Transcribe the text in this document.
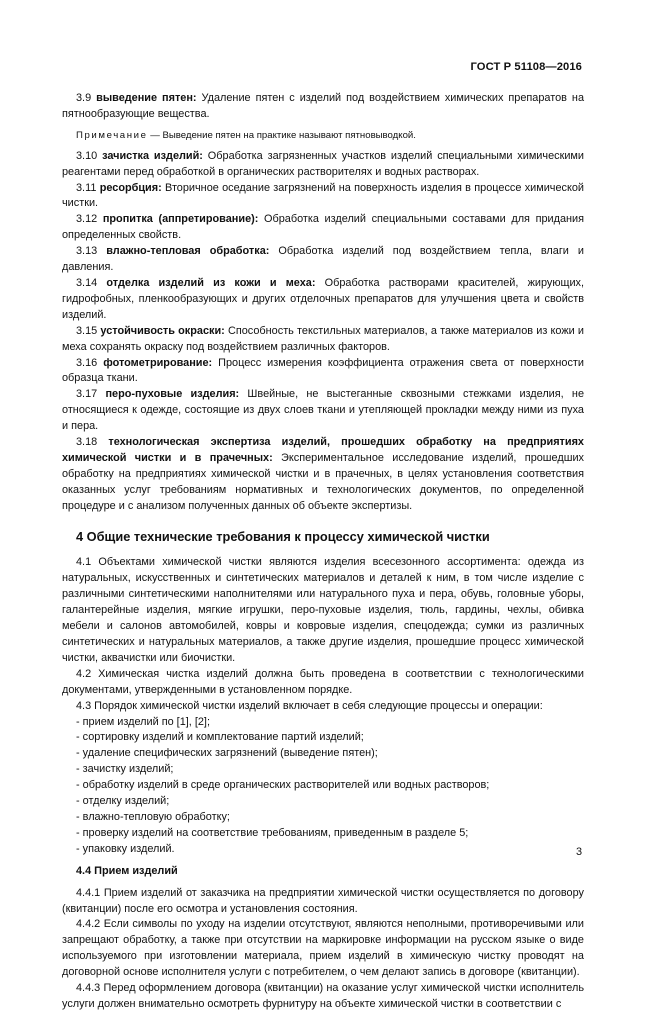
ГОСТ Р 51108—2016

3.9 выведение пятен: Удаление пятен с изделий под воздействием химических препаратов на пятнообразующие вещества.

Примечание — Выведение пятен на практике называют пятновыводкой.

3.10 зачистка изделий: Обработка загрязненных участков изделий специальными химическими реагентами перед обработкой в органических растворителях и водных растворах.

3.11 ресорбция: Вторичное оседание загрязнений на поверхность изделия в процессе химической чистки.

3.12 пропитка (аппретирование): Обработка изделий специальными составами для придания определенных свойств.

3.13 влажно-тепловая обработка: Обработка изделий под воздействием тепла, влаги и давления.

3.14 отделка изделий из кожи и меха: Обработка растворами красителей, жирующих, гидрофобных, пленкообразующих и других отделочных препаратов для улучшения цвета и свойств изделий.

3.15 устойчивость окраски: Способность текстильных материалов, а также материалов из кожи и меха сохранять окраску под воздействием различных факторов.

3.16 фотометрирование: Процесс измерения коэффициента отражения света от поверхности образца ткани.

3.17 перо-пуховые изделия: Швейные, не выстеганные сквозными стежками изделия, не относящиеся к одежде, состоящие из двух слоев ткани и утепляющей прокладки между ними из пуха и пера.

3.18 технологическая экспертиза изделий, прошедших обработку на предприятиях химической чистки и в прачечных: Экспериментальное исследование изделий, прошедших обработку на предприятиях химической чистки и в прачечных, в целях установления соответствия оказанных услуг требованиям нормативных и технологических документов, по определенной процедуре и с анализом полученных данных об объекте экспертизы.

4 Общие технические требования к процессу химической чистки

4.1 Объектами химической чистки являются изделия всесезонного ассортимента: одежда из натуральных, искусственных и синтетических материалов и деталей к ним, в том числе изделие с различными синтетическими наполнителями или натурального пуха и пера, обувь, головные уборы, галантерейные изделия, мягкие игрушки, перо-пуховые изделия, тюль, гардины, чехлы, обивка мебели и салонов автомобилей, ковры и ковровые изделия, спецодежда; сумки из различных синтетических и натуральных материалов, а также другие изделия, прошедшие процесс химической чистки, аквачистки или биочистки.

4.2 Химическая чистка изделий должна быть проведена в соответствии с технологическими документами, утвержденными в установленном порядке.

4.3 Порядок химической чистки изделий включает в себя следующие процессы и операции:

- прием изделий по [1], [2];

- сортировку изделий и комплектование партий изделий;

- удаление специфических загрязнений (выведение пятен);

- зачистку изделий;

- обработку изделий в среде органических растворителей или водных растворов;

- отделку изделий;

- влажно-тепловую обработку;

- проверку изделий на соответствие требованиям, приведенным в разделе 5;

- упаковку изделий.

4.4 Прием изделий

4.4.1 Прием изделий от заказчика на предприятии химической чистки осуществляется по договору (квитанции) после его осмотра и установления состояния.

4.4.2 Если символы по уходу на изделии отсутствуют, являются неполными, противоречивыми или запрещают обработку, а также при отсутствии на маркировке информации на русском языке о виде используемого при изготовлении материала, прием изделий в химическую чистку проводят на договорной основе исполнителя услуги с потребителем, о чем делают запись в договоре (квитанции).

4.4.3 Перед оформлением договора (квитанции) на оказание услуг химической чистки исполнитель услуги должен внимательно осмотреть фурнитуру на объекте химической чистки в соответствии с

3
